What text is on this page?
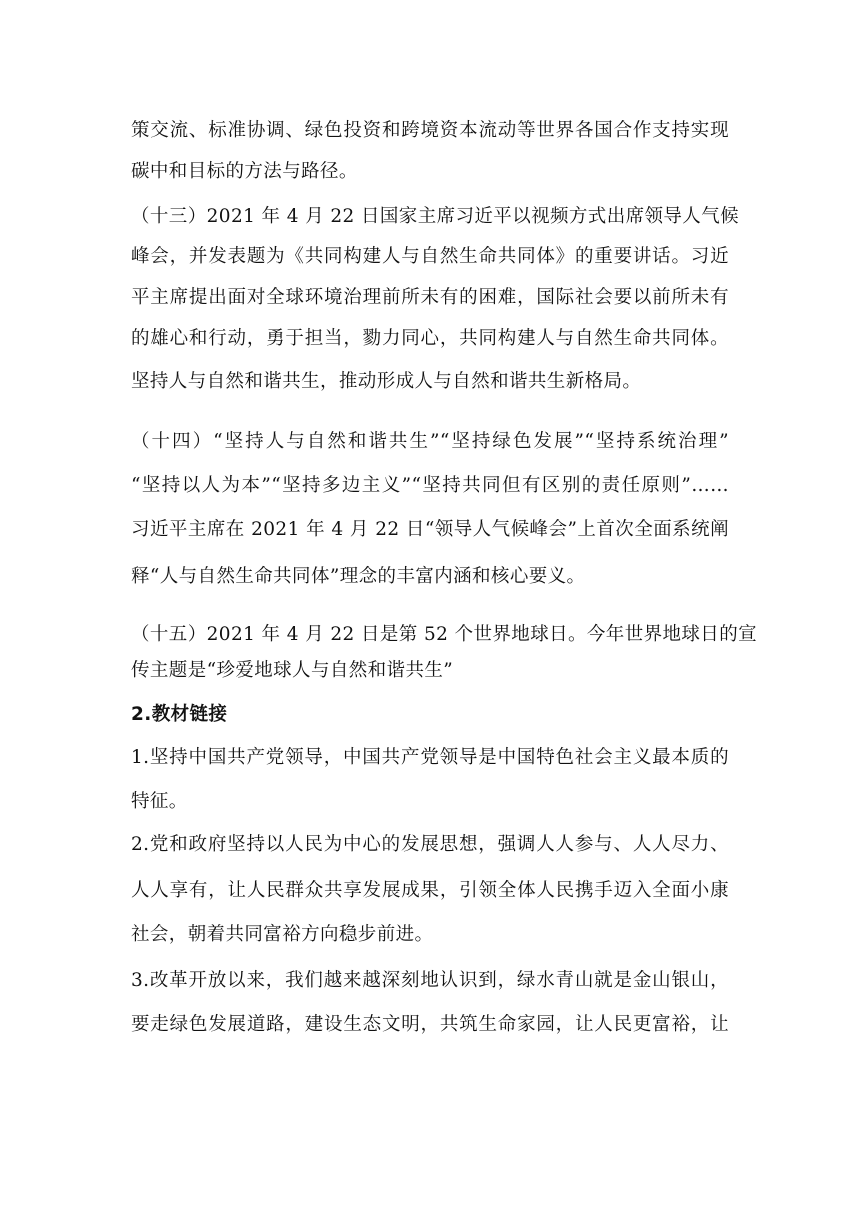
策交流、标准协调、绿色投资和跨境资本流动等世界各国合作支持实现
碳中和目标的方法与路径。
（十三）2021 年 4 月 22 日国家主席习近平以视频方式出席领导人气候
峰会，并发表题为《共同构建人与自然生命共同体》的重要讲话。习近
平主席提出面对全球环境治理前所未有的困难，国际社会要以前所未有
的雄心和行动，勇于担当，勠力同心，共同构建人与自然生命共同体。
坚持人与自然和谐共生，推动形成人与自然和谐共生新格局。
（十四）“坚持人与自然和谐共生”“坚持绿色发展”“坚持系统治理”
“坚持以人为本”“坚持多边主义”“坚持共同但有区别的责任原则”……
习近平主席在 2021 年 4 月 22 日“领导人气候峰会”上首次全面系统阐
释“人与自然生命共同体”理念的丰富内涵和核心要义。
（十五）2021 年 4 月 22 日是第 52 个世界地球日。今年世界地球日的宣
传主题是“珍爱地球人与自然和谐共生”
2.教材链接
1.坚持中国共产党领导，中国共产党领导是中国特色社会主义最本质的
特征。
2.党和政府坚持以人民为中心的发展思想，强调人人参与、人人尽力、
人人享有，让人民群众共享发展成果，引领全体人民携手迈入全面小康
社会，朝着共同富裕方向稳步前进。
3.改革开放以来，我们越来越深刻地认识到，绿水青山就是金山银山，
要走绿色发展道路，建设生态文明，共筑生命家园，让人民更富裕，让
